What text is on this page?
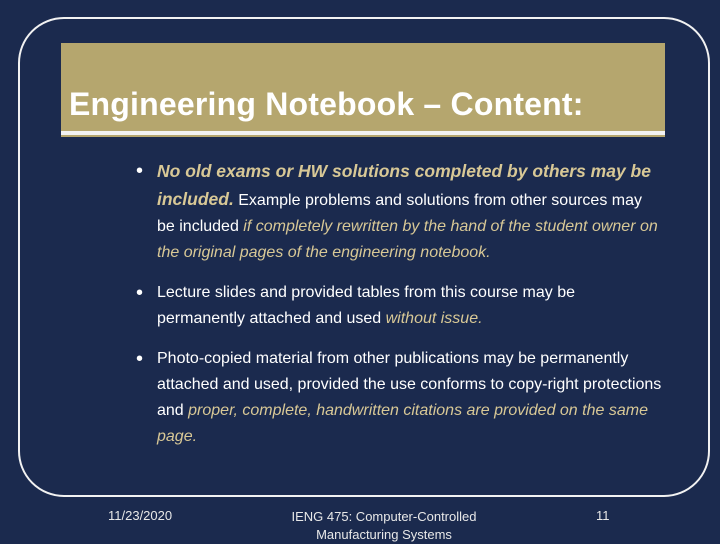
Engineering Notebook – Content:
• No old exams or HW solutions completed by others may be included. Example problems and solutions from other sources may be included if completely rewritten by the hand of the student owner on the original pages of the engineering notebook.
• Lecture slides and provided tables from this course may be permanently attached and used without issue.
• Photo-copied material from other publications may be permanently attached and used, provided the use conforms to copy-right protections and proper, complete, handwritten citations are provided on the same page.
11/23/2020	IENG 475: Computer-Controlled Manufacturing Systems
11
